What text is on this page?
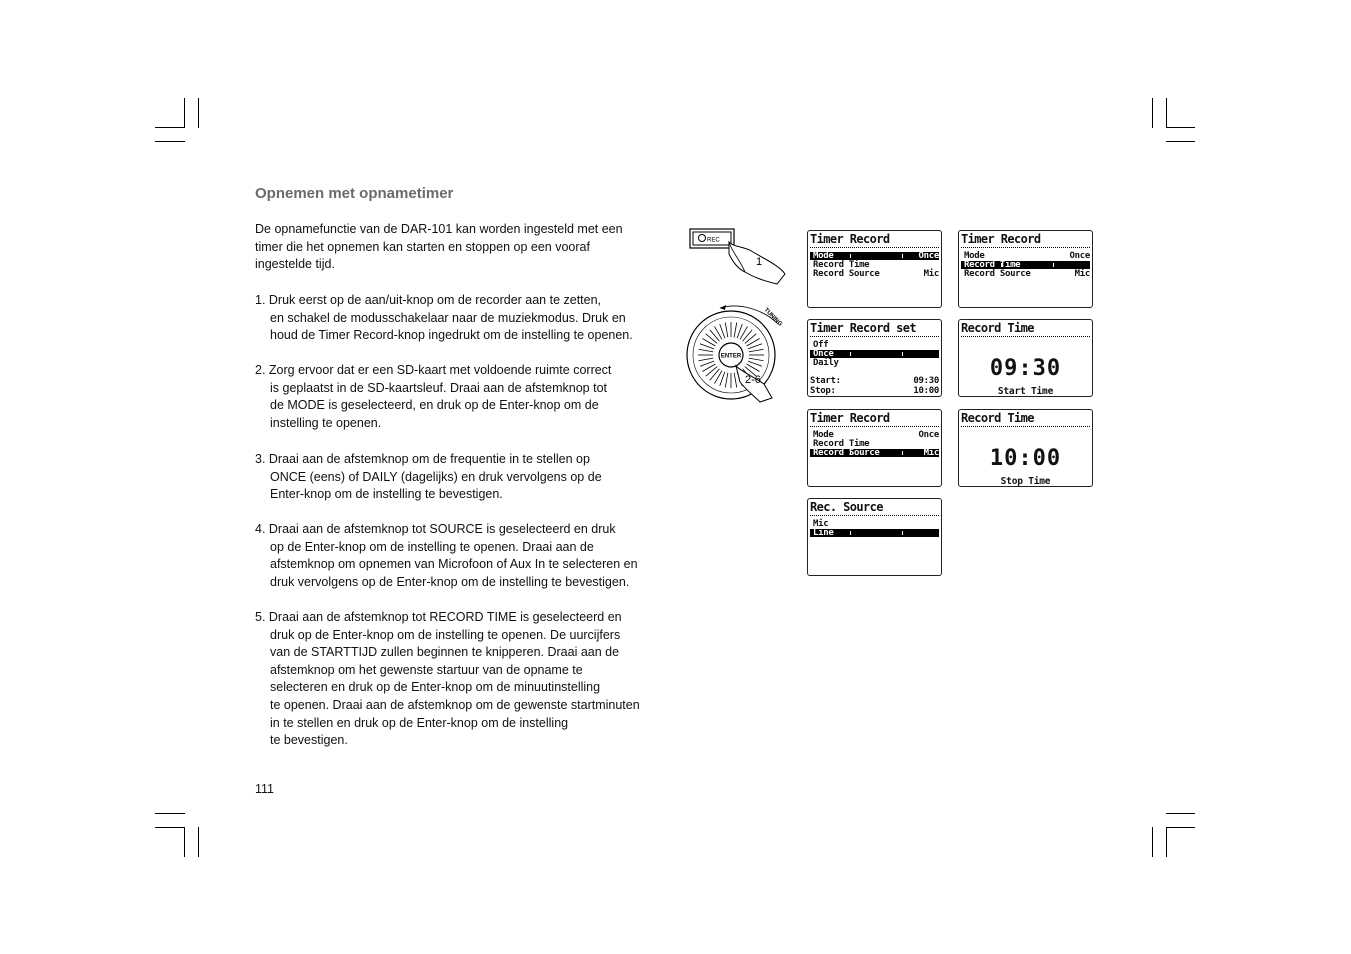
Opnemen met opnametimer

De opnamefunctie van de DAR-101 kan worden ingesteld met een
timer die het opnemen kan starten en stoppen op een vooraf
ingestelde tijd.

1. Druk eerst op de aan/uit-knop om de recorder aan te zetten,
en schakel de modusschakelaar naar de muziekmodus. Druk en
houd de Timer Record-knop ingedrukt om de instelling te openen.

2. Zorg ervoor dat er een SD-kaart met voldoende ruimte correct
is geplaatst in de SD-kaartsleuf. Draai aan de afstemknop tot
de MODE is geselecteerd, en druk op de Enter-knop om de
instelling te openen.

3. Draai aan de afstemknop om de frequentie in te stellen op
ONCE (eens) of DAILY (dagelijks) en druk vervolgens op de
Enter-knop om de instelling te bevestigen.

4. Draai aan de afstemknop tot SOURCE is geselecteerd en druk
op de Enter-knop om de instelling te openen. Draai aan de
afstemknop om opnemen van Microfoon of Aux In te selecteren en
druk vervolgens op de Enter-knop om de instelling te bevestigen.

5. Draai aan de afstemknop tot RECORD TIME is geselecteerd en
druk op de Enter-knop om de instelling te openen. De uurcijfers
van de STARTTIJD zullen beginnen te knipperen. Draai aan de
afstemknop om het gewenste startuur van de opname te
selecteren en druk op de Enter-knop om de minuutinstelling
te openen. Draai aan de afstemknop om de gewenste startminuten
in te stellen en druk op de Enter-knop om de instelling
te bevestigen.

111
REC
1
ENTER
TUNING
2-6
Timer Record
Mode	Once
Record Time
Record Source	Mic
Timer Record
Mode	Once
Record Time
Record Source	Mic
Timer Record set
Off
Once
Daily
Start:	09:30
Stop:	10:00
Record Time
09:30
Start Time
Timer Record
Mode	Once
Record Time
Record Source	Mic
Record Time
10:00
Stop Time
Rec. Source
Mic
Line
